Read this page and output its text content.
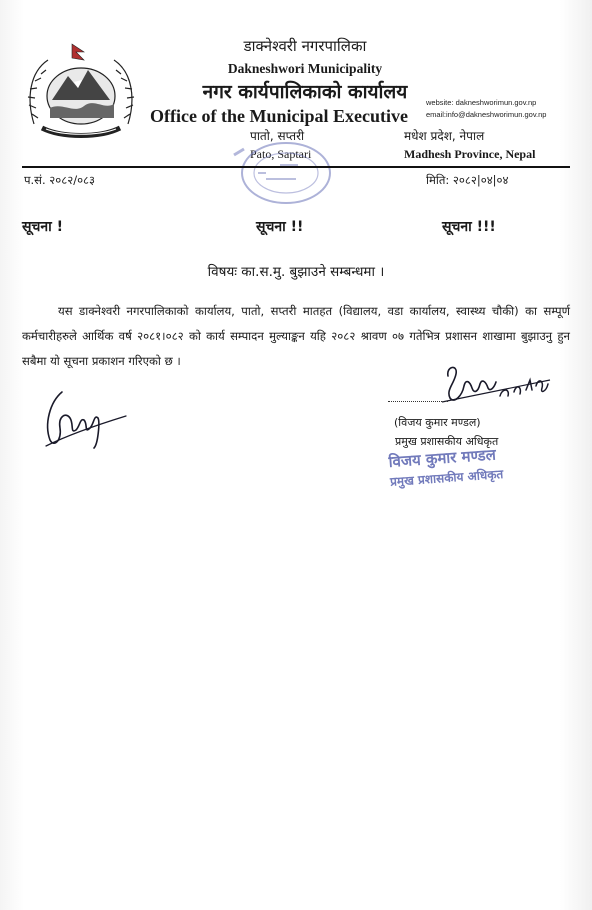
डाक्नेश्वरी नगरपालिका
Dakneshwori Municipality
नगर कार्यपालिकाको कार्यालय
Office of the Municipal Executive
website: dakneshworimun.gov.np
email:info@dakneshworimun.gov.np
पातो, सप्तरी
Pato, Saptari
मधेश प्रदेश, नेपाल
Madhesh Province, Nepal
प.सं. २०८२/०८३	मिति: २०८२|०४|०४
सूचना !	सूचना !!	सूचना !!!
विषयः का.स.मु. बुझाउने सम्बन्धमा ।
यस डाक्नेश्वरी नगरपालिकाको कार्यालय, पातो, सप्तरी मातहत (विद्यालय, वडा कार्यालय, स्वास्थ्य चौकी) का सम्पूर्ण कर्मचारीहरुले आर्थिक वर्ष २०८१।०८२ को कार्य सम्पादन मुल्याङ्कन यहि २०८२ श्रावण ०७ गतेभित्र प्रशासन शाखामा बुझाउनु हुन सबैमा यो सूचना प्रकाशन गरिएको छ ।
(विजय कुमार मण्डल)
प्रमुख प्रशासकीय अधिकृत
विजय कुमार मण्डल
प्रमुख प्रशासकीय अधिकृत
